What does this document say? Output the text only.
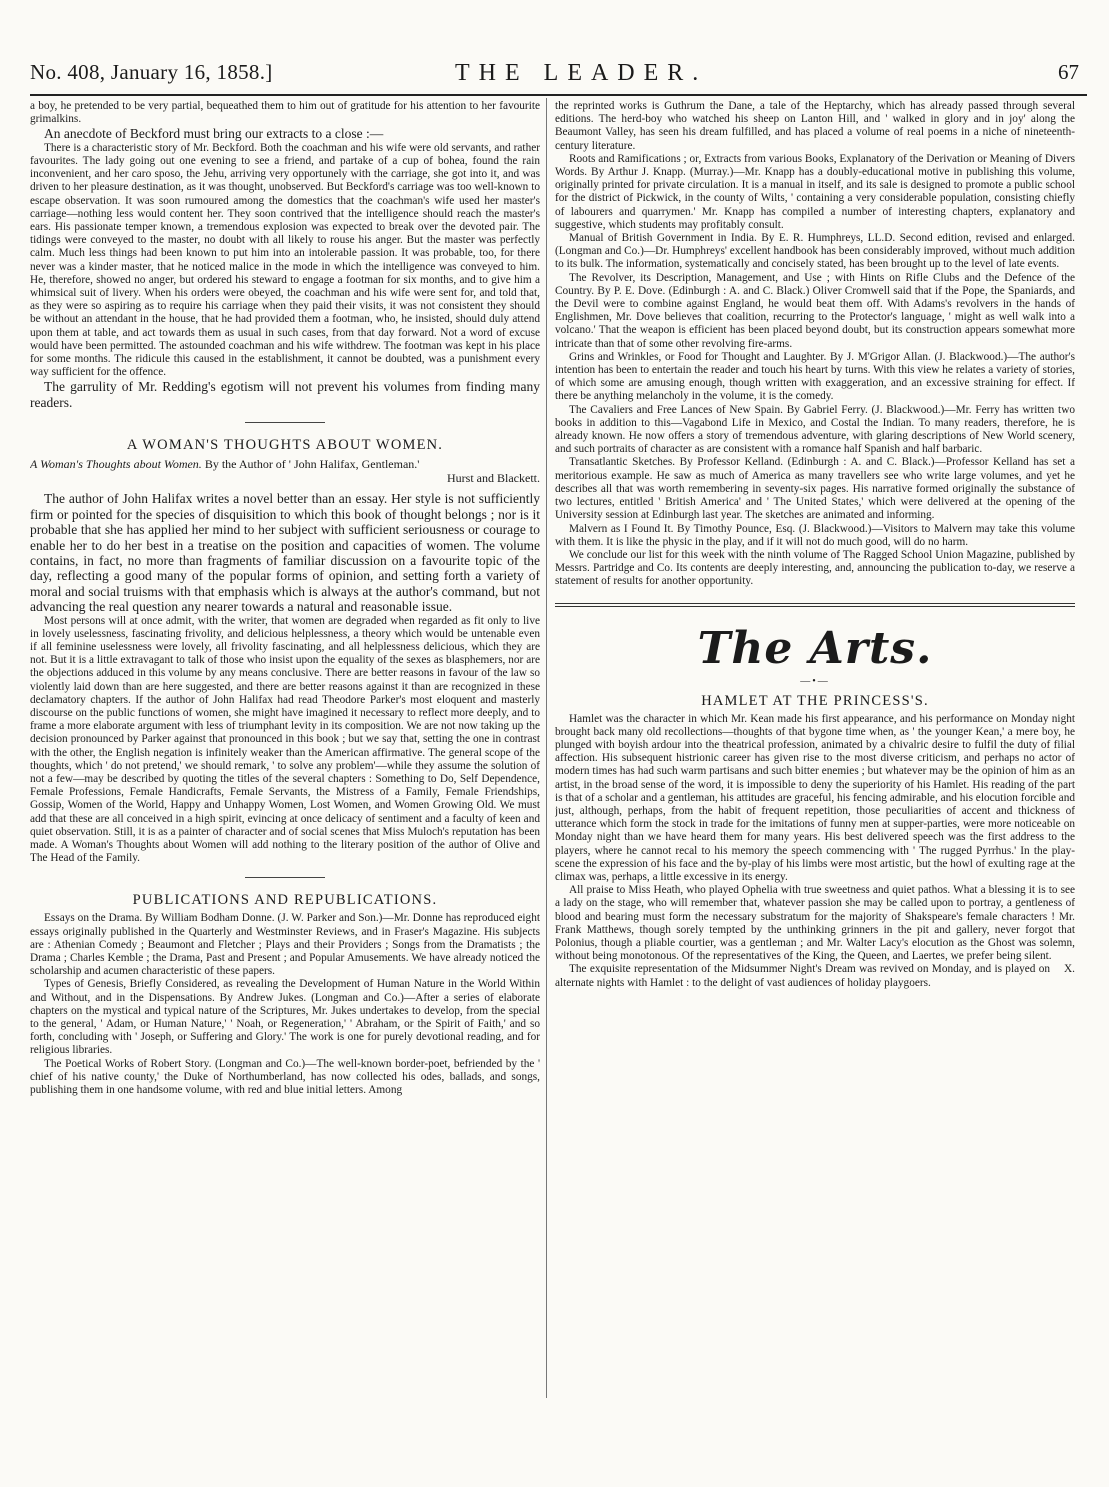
No. 408, January 16, 1858.]	THE LEADER.	67

a boy, he pretended to be very partial, bequeathed them to him out of gratitude for his attention to her favourite grimalkins.

An anecdote of Beckford must bring our extracts to a close :—

There is a characteristic story of Mr. Beckford. Both the coachman and his wife were old servants, and rather favourites. The lady going out one evening to see a friend, and partake of a cup of bohea, found the rain inconvenient, and her caro sposo, the Jehu, arriving very opportunely with the carriage, she got into it, and was driven to her pleasure destination, as it was thought, unobserved. But Beckford's carriage was too well-known to escape observation. It was soon rumoured among the domestics that the coachman's wife used her master's carriage—nothing less would content her. They soon contrived that the intelligence should reach the master's ears. His passionate temper known, a tremendous explosion was expected to break over the devoted pair. The tidings were conveyed to the master, no doubt with all likely to rouse his anger. But the master was perfectly calm. Much less things had been known to put him into an intolerable passion. It was probable, too, for there never was a kinder master, that he noticed malice in the mode in which the intelligence was conveyed to him. He, therefore, showed no anger, but ordered his steward to engage a footman for six months, and to give him a whimsical suit of livery. When his orders were obeyed, the coachman and his wife were sent for, and told that, as they were so aspiring as to require his carriage when they paid their visits, it was not consistent they should be without an attendant in the house, that he had provided them a footman, who, he insisted, should duly attend upon them at table, and act towards them as usual in such cases, from that day forward. Not a word of excuse would have been permitted. The astounded coachman and his wife withdrew. The footman was kept in his place for some months. The ridicule this caused in the establishment, it cannot be doubted, was a punishment every way sufficient for the offence.

The garrulity of Mr. Redding's egotism will not prevent his volumes from finding many readers.

A WOMAN'S THOUGHTS ABOUT WOMEN.

A Woman's Thoughts about Women. By the Author of ' John Halifax, Gentleman.'

Hurst and Blackett.

The author of John Halifax writes a novel better than an essay. Her style is not sufficiently firm or pointed for the species of disquisition to which this book of thought belongs ; nor is it probable that she has applied her mind to her subject with sufficient seriousness or courage to enable her to do her best in a treatise on the position and capacities of women. The volume contains, in fact, no more than fragments of familiar discussion on a favourite topic of the day, reflecting a good many of the popular forms of opinion, and setting forth a variety of moral and social truisms with that emphasis which is always at the author's command, but not advancing the real question any nearer towards a natural and reasonable issue.

Most persons will at once admit, with the writer, that women are degraded when regarded as fit only to live in lovely uselessness, fascinating frivolity, and delicious helplessness, a theory which would be untenable even if all feminine uselessness were lovely, all frivolity fascinating, and all helplessness delicious, which they are not. But it is a little extravagant to talk of those who insist upon the equality of the sexes as blasphemers, nor are the objections adduced in this volume by any means conclusive. There are better reasons in favour of the law so violently laid down than are here suggested, and there are better reasons against it than are recognized in these declamatory chapters. If the author of John Halifax had read Theodore Parker's most eloquent and masterly discourse on the public functions of women, she might have imagined it necessary to reflect more deeply, and to frame a more elaborate argument with less of triumphant levity in its composition. We are not now taking up the decision pronounced by Parker against that pronounced in this book ; but we say that, setting the one in contrast with the other, the English negation is infinitely weaker than the American affirmative. The general scope of the thoughts, which ' do not pretend,' we should remark, ' to solve any problem'—while they assume the solution of not a few—may be described by quoting the titles of the several chapters : Something to Do, Self Dependence, Female Professions, Female Handicrafts, Female Servants, the Mistress of a Family, Female Friendships, Gossip, Women of the World, Happy and Unhappy Women, Lost Women, and Women Growing Old. We must add that these are all conceived in a high spirit, evincing at once delicacy of sentiment and a faculty of keen and quiet observation. Still, it is as a painter of character and of social scenes that Miss Muloch's reputation has been made. A Woman's Thoughts about Women will add nothing to the literary position of the author of Olive and The Head of the Family.

PUBLICATIONS AND REPUBLICATIONS.

Essays on the Drama. By William Bodham Donne. (J. W. Parker and Son.)—Mr. Donne has reproduced eight essays originally published in the Quarterly and Westminster Reviews, and in Fraser's Magazine. His subjects are : Athenian Comedy ; Beaumont and Fletcher ; Plays and their Providers ; Songs from the Dramatists ; the Drama ; Charles Kemble ; the Drama, Past and Present ; and Popular Amusements. We have already noticed the scholarship and acumen characteristic of these papers.

Types of Genesis, Briefly Considered, as revealing the Development of Human Nature in the World Within and Without, and in the Dispensations. By Andrew Jukes. (Longman and Co.)—After a series of elaborate chapters on the mystical and typical nature of the Scriptures, Mr. Jukes undertakes to develop, from the special to the general, ' Adam, or Human Nature,' ' Noah, or Regeneration,' ' Abraham, or the Spirit of Faith,' and so forth, concluding with ' Joseph, or Suffering and Glory.' The work is one for purely devotional reading, and for religious libraries.

The Poetical Works of Robert Story. (Longman and Co.)—The well-known border-poet, befriended by the ' chief of his native county,' the Duke of Northumberland, has now collected his odes, ballads, and songs, publishing them in one handsome volume, with red and blue initial letters. Among

the reprinted works is Guthrum the Dane, a tale of the Heptarchy, which has already passed through several editions. The herd-boy who watched his sheep on Lanton Hill, and ' walked in glory and in joy' along the Beaumont Valley, has seen his dream fulfilled, and has placed a volume of real poems in a niche of nineteenth-century literature.

Roots and Ramifications ; or, Extracts from various Books, Explanatory of the Derivation or Meaning of Divers Words. By Arthur J. Knapp. (Murray.)—Mr. Knapp has a doubly-educational motive in publishing this volume, originally printed for private circulation. It is a manual in itself, and its sale is designed to promote a public school for the district of Pickwick, in the county of Wilts, ' containing a very considerable population, consisting chiefly of labourers and quarrymen.' Mr. Knapp has compiled a number of interesting chapters, explanatory and suggestive, which students may profitably consult.

Manual of British Government in India. By E. R. Humphreys, LL.D. Second edition, revised and enlarged. (Longman and Co.)—Dr. Humphreys' excellent handbook has been considerably improved, without much addition to its bulk. The information, systematically and concisely stated, has been brought up to the level of late events.

The Revolver, its Description, Management, and Use ; with Hints on Rifle Clubs and the Defence of the Country. By P. E. Dove. (Edinburgh : A. and C. Black.) Oliver Cromwell said that if the Pope, the Spaniards, and the Devil were to combine against England, he would beat them off. With Adams's revolvers in the hands of Englishmen, Mr. Dove believes that coalition, recurring to the Protector's language, ' might as well walk into a volcano.' That the weapon is efficient has been placed beyond doubt, but its construction appears somewhat more intricate than that of some other revolving fire-arms.

Grins and Wrinkles, or Food for Thought and Laughter. By J. M'Grigor Allan. (J. Blackwood.)—The author's intention has been to entertain the reader and touch his heart by turns. With this view he relates a variety of stories, of which some are amusing enough, though written with exaggeration, and an excessive straining for effect. If there be anything melancholy in the volume, it is the comedy.

The Cavaliers and Free Lances of New Spain. By Gabriel Ferry. (J. Blackwood.)—Mr. Ferry has written two books in addition to this—Vagabond Life in Mexico, and Costal the Indian. To many readers, therefore, he is already known. He now offers a story of tremendous adventure, with glaring descriptions of New World scenery, and such portraits of character as are consistent with a romance half Spanish and half barbaric.

Transatlantic Sketches. By Professor Kelland. (Edinburgh : A. and C. Black.)—Professor Kelland has set a meritorious example. He saw as much of America as many travellers see who write large volumes, and yet he describes all that was worth remembering in seventy-six pages. His narrative formed originally the substance of two lectures, entitled ' British America' and ' The United States,' which were delivered at the opening of the University session at Edinburgh last year. The sketches are animated and informing.

Malvern as I Found It. By Timothy Pounce, Esq. (J. Blackwood.)—Visitors to Malvern may take this volume with them. It is like the physic in the play, and if it will not do much good, will do no harm.

We conclude our list for this week with the ninth volume of The Ragged School Union Magazine, published by Messrs. Partridge and Co. Its contents are deeply interesting, and, announcing the publication to-day, we reserve a statement of results for another opportunity.

The Arts.
—•—
HAMLET AT THE PRINCESS'S.

Hamlet was the character in which Mr. Kean made his first appearance, and his performance on Monday night brought back many old recollections—thoughts of that bygone time when, as ' the younger Kean,' a mere boy, he plunged with boyish ardour into the theatrical profession, animated by a chivalric desire to fulfil the duty of filial affection. His subsequent histrionic career has given rise to the most diverse criticism, and perhaps no actor of modern times has had such warm partisans and such bitter enemies ; but whatever may be the opinion of him as an artist, in the broad sense of the word, it is impossible to deny the superiority of his Hamlet. His reading of the part is that of a scholar and a gentleman, his attitudes are graceful, his fencing admirable, and his elocution forcible and just, although, perhaps, from the habit of frequent repetition, those peculiarities of accent and thickness of utterance which form the stock in trade for the imitations of funny men at supper-parties, were more noticeable on Monday night than we have heard them for many years. His best delivered speech was the first address to the players, where he cannot recal to his memory the speech commencing with ' The rugged Pyrrhus.' In the play-scene the expression of his face and the by-play of his limbs were most artistic, but the howl of exulting rage at the climax was, perhaps, a little excessive in its energy.

All praise to Miss Heath, who played Ophelia with true sweetness and quiet pathos. What a blessing it is to see a lady on the stage, who will remember that, whatever passion she may be called upon to portray, a gentleness of blood and bearing must form the necessary substratum for the majority of Shakspeare's female characters ! Mr. Frank Matthews, though sorely tempted by the unthinking grinners in the pit and gallery, never forgot that Polonius, though a pliable courtier, was a gentleman ; and Mr. Walter Lacy's elocution as the Ghost was solemn, without being monotonous. Of the representatives of the King, the Queen, and Laertes, we prefer being silent.
X.

The exquisite representation of the Midsummer Night's Dream was revived on Monday, and is played on alternate nights with Hamlet : to the delight of vast audiences of holiday playgoers.
